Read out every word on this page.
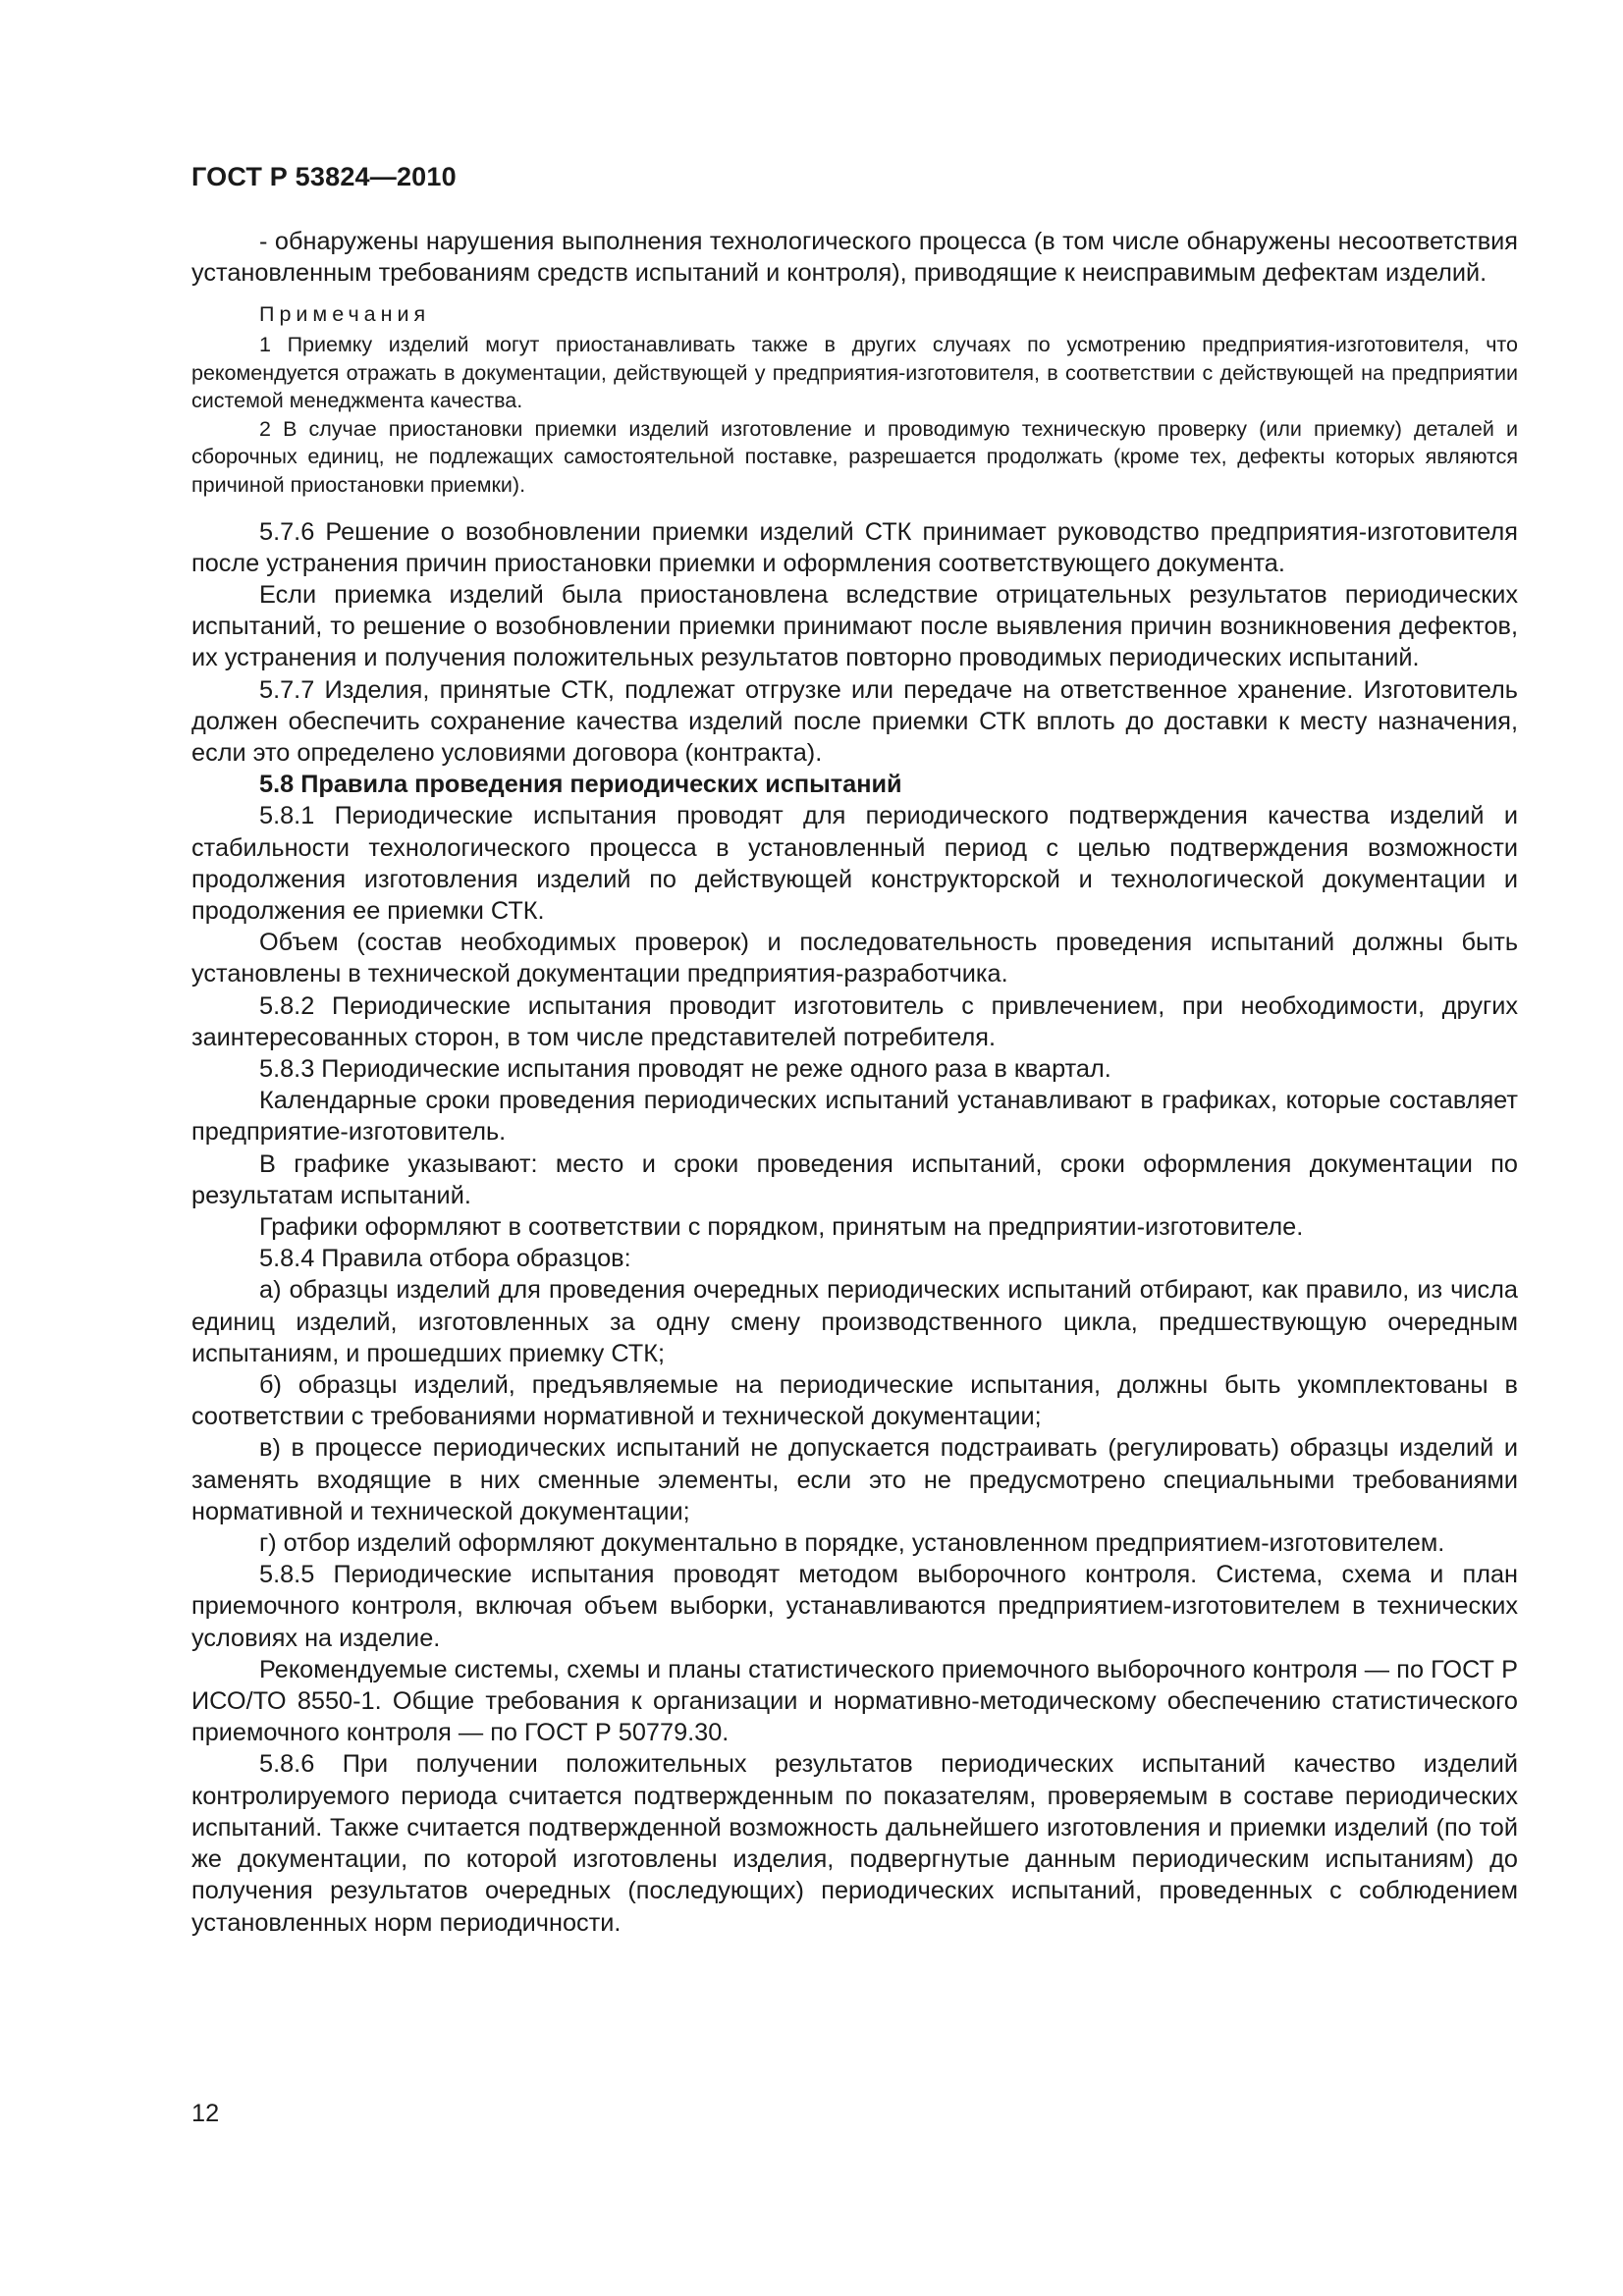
ГОСТ Р 53824—2010

- обнаружены нарушения выполнения технологического процесса (в том числе обнаружены несоответствия установленным требованиям средств испытаний и контроля), приводящие к неисправимым дефектам изделий.

Примечания

1 Приемку изделий могут приостанавливать также в других случаях по усмотрению предприятия-изготовителя, что рекомендуется отражать в документации, действующей у предприятия-изготовителя, в соответствии с действующей на предприятии системой менеджмента качества.

2 В случае приостановки приемки изделий изготовление и проводимую техническую проверку (или приемку) деталей и сборочных единиц, не подлежащих самостоятельной поставке, разрешается продолжать (кроме тех, дефекты которых являются причиной приостановки приемки).

5.7.6 Решение о возобновлении приемки изделий СТК принимает руководство предприятия-изготовителя после устранения причин приостановки приемки и оформления соответствующего документа.

Если приемка изделий была приостановлена вследствие отрицательных результатов периодических испытаний, то решение о возобновлении приемки принимают после выявления причин возникновения дефектов, их устранения и получения положительных результатов повторно проводимых периодических испытаний.

5.7.7 Изделия, принятые СТК, подлежат отгрузке или передаче на ответственное хранение. Изготовитель должен обеспечить сохранение качества изделий после приемки СТК вплоть до доставки к месту назначения, если это определено условиями договора (контракта).

5.8 Правила проведения периодических испытаний

5.8.1 Периодические испытания проводят для периодического подтверждения качества изделий и стабильности технологического процесса в установленный период с целью подтверждения возможности продолжения изготовления изделий по действующей конструкторской и технологической документации и продолжения ее приемки СТК.

Объем (состав необходимых проверок) и последовательность проведения испытаний должны быть установлены в технической документации предприятия-разработчика.

5.8.2 Периодические испытания проводит изготовитель с привлечением, при необходимости, других заинтересованных сторон, в том числе представителей потребителя.

5.8.3 Периодические испытания проводят не реже одного раза в квартал.

Календарные сроки проведения периодических испытаний устанавливают в графиках, которые составляет предприятие-изготовитель.

В графике указывают: место и сроки проведения испытаний, сроки оформления документации по результатам испытаний.

Графики оформляют в соответствии с порядком, принятым на предприятии-изготовителе.

5.8.4 Правила отбора образцов:

а) образцы изделий для проведения очередных периодических испытаний отбирают, как правило, из числа единиц изделий, изготовленных за одну смену производственного цикла, предшествующую очередным испытаниям, и прошедших приемку СТК;

б) образцы изделий, предъявляемые на периодические испытания, должны быть укомплектованы в соответствии с требованиями нормативной и технической документации;

в) в процессе периодических испытаний не допускается подстраивать (регулировать) образцы изделий и заменять входящие в них сменные элементы, если это не предусмотрено специальными требованиями нормативной и технической документации;

г) отбор изделий оформляют документально в порядке, установленном предприятием-изготовителем.

5.8.5 Периодические испытания проводят методом выборочного контроля. Система, схема и план приемочного контроля, включая объем выборки, устанавливаются предприятием-изготовителем в технических условиях на изделие.

Рекомендуемые системы, схемы и планы статистического приемочного выборочного контроля — по ГОСТ Р ИСО/ТО 8550-1. Общие требования к организации и нормативно-методическому обеспечению статистического приемочного контроля — по ГОСТ Р 50779.30.

5.8.6 При получении положительных результатов периодических испытаний качество изделий контролируемого периода считается подтвержденным по показателям, проверяемым в составе периодических испытаний. Также считается подтвержденной возможность дальнейшего изготовления и приемки изделий (по той же документации, по которой изготовлены изделия, подвергнутые данным периодическим испытаниям) до получения результатов очередных (последующих) периодических испытаний, проведенных с соблюдением установленных норм периодичности.

12
